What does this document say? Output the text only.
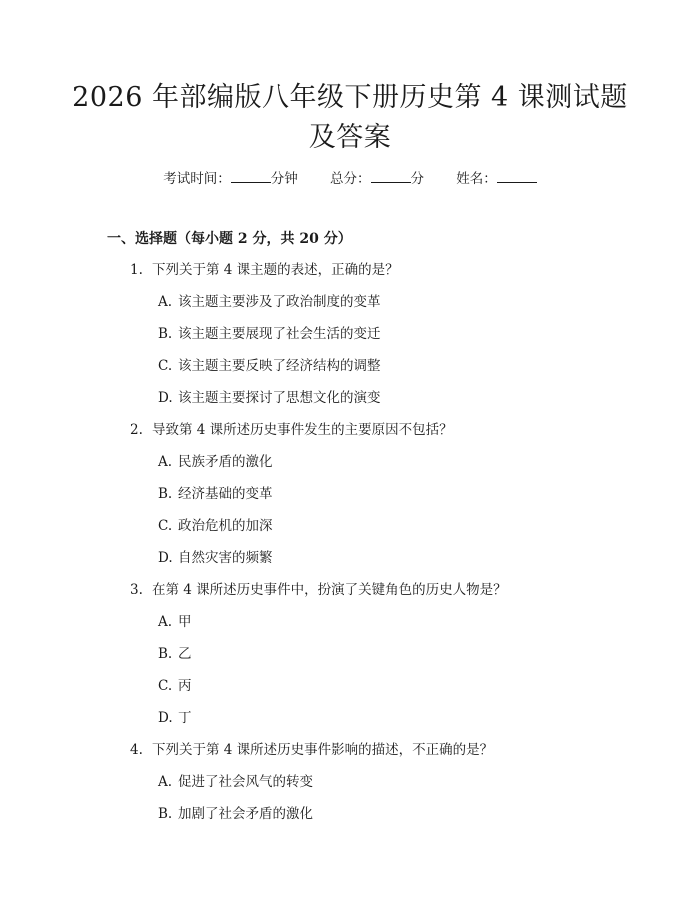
2026 年部编版八年级下册历史第 4 课测试题
及答案
考试时间：	分钟 总分：	分 姓名：
一、选择题（每小题 2 分，共 20 分）
1. 下列关于第 4 课主题的表述，正确的是？
A. 该主题主要涉及了政治制度的变革
B. 该主题主要展现了社会生活的变迁
C. 该主题主要反映了经济结构的调整
D. 该主题主要探讨了思想文化的演变
2. 导致第 4 课所述历史事件发生的主要原因不包括？
A. 民族矛盾的激化
B. 经济基础的变革
C. 政治危机的加深
D. 自然灾害的频繁
3. 在第 4 课所述历史事件中，扮演了关键角色的历史人物是？
A. 甲
B. 乙
C. 丙
D. 丁
4. 下列关于第 4 课所述历史事件影响的描述，不正确的是？
A. 促进了社会风气的转变
B. 加剧了社会矛盾的激化
